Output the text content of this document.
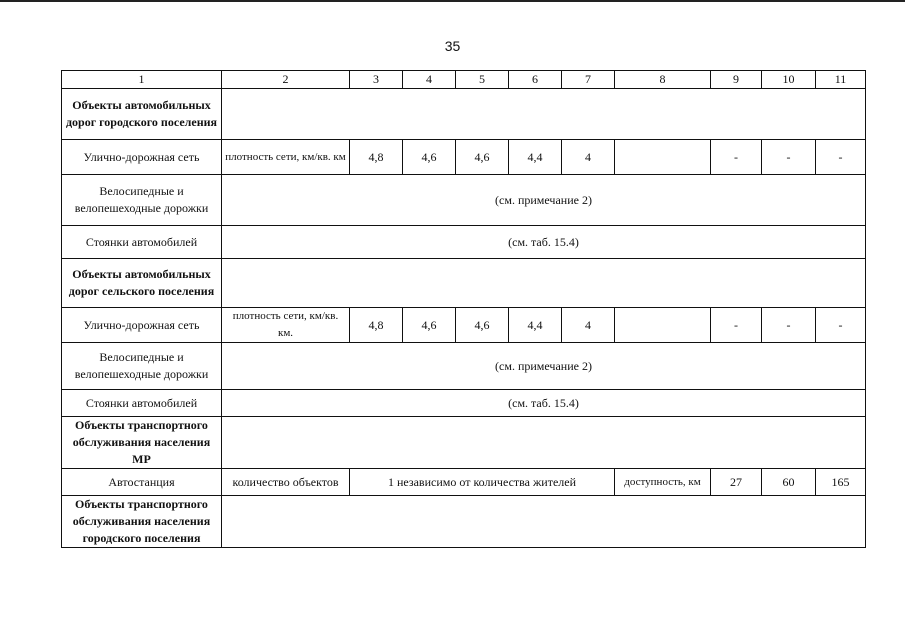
35
1	2	3	4	5	6	7	8	9	10	11
Объекты автомобильных дорог городского поселения										
Улично-дорожная сеть	плотность сети, км/кв. км	4,8	4,6	4,6	4,4	4		-	-	-
Велосипедные и велопешеходные дорожки	(см. примечание 2)									
Стоянки автомобилей	(см. таб. 15.4)									
Объекты автомобильных дорог сельского поселения										
Улично-дорожная сеть	плотность сети, км/кв. км.	4,8	4,6	4,6	4,4	4		-	-	-
Велосипедные и велопешеходные дорожки	(см. примечание 2)									
Стоянки автомобилей	(см. таб. 15.4)									
Объекты транспортного обслуживания населения МР										
Автостанция	количество объектов	1 независимо от количества жителей					доступность, км	27	60	165
Объекты транспортного обслуживания населения городского поселения										
